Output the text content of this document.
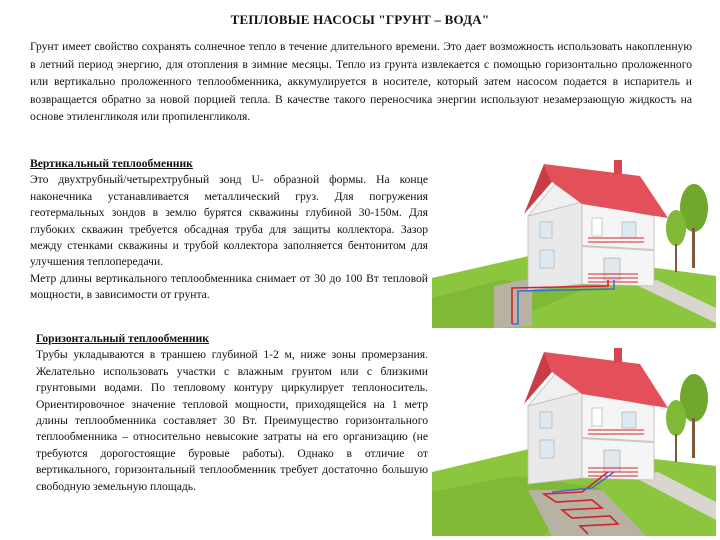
ТЕПЛОВЫЕ НАСОСЫ "ГРУНТ – ВОДА"
Грунт имеет свойство сохранять солнечное тепло в течение длительного времени. Это дает возможность использовать накопленную в летний период энергию, для отопления в зимние месяцы. Тепло из грунта извлекается с помощью горизонтально проложенного или вертикально проложенного теплообменника, аккумулируется в носителе, который затем насосом подается в испаритель и возвращается обратно за новой порцией тепла. В качестве такого переносчика энергии используют незамерзающую жидкость на основе этиленгликоля или пропиленгликоля.
Вертикальный теплообменник
Это двухтрубный/четырехтрубный зонд U- образной формы. На конце наконечника устанавливается металлический груз. Для погружения геотермальных зондов в землю бурятся скважины глубиной 30-150м. Для глубоких скважин требуется обсадная труба для защиты коллектора. Зазор между стенками скважины и трубой коллектора заполняется бентонитом для улучшения теплопередачи.
Метр длины вертикального теплообменника снимает от 30 до 100 Вт тепловой мощности, в зависимости от грунта.
Горизонтальный теплообменник
Трубы укладываются в траншею глубиной 1-2 м, ниже зоны промерзания. Желательно использовать участки с влажным грунтом или с близкими грунтовыми водами. По тепловому контуру циркулирует теплоноситель. Ориентировочное значение тепловой мощности, приходящейся на 1 метр длины теплообменника составляет 30 Вт. Преимущество горизонтального теплообменника – относительно невысокие затраты на его организацию (не требуются дорогостоящие буровые работы). Однако в отличие от вертикального, горизонтальный теплообменник требует достаточно большую свободную земельную площадь.
